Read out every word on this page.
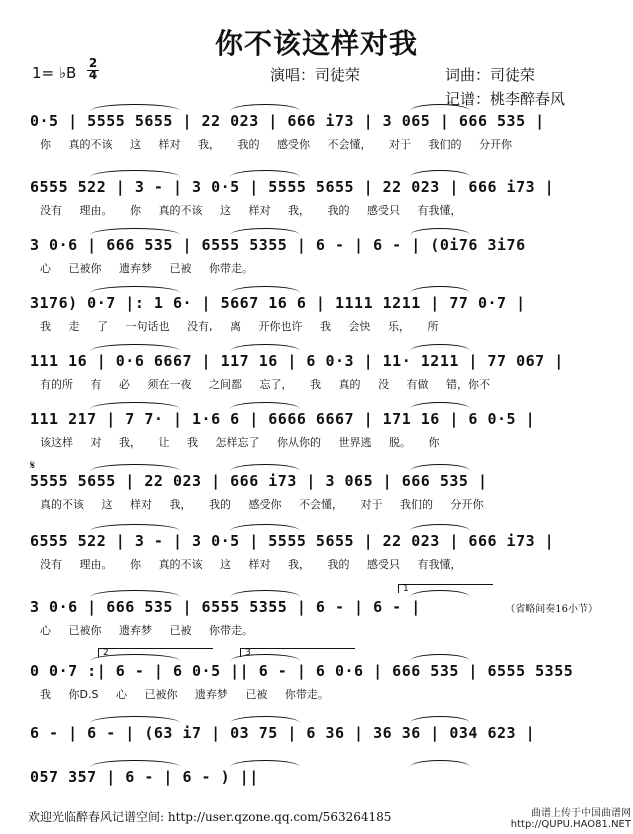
你不该这样对我
1= ♭B
2
4	演唱：司徒荣	词曲：司徒荣
记谱：桃李醉春风
𝄋
0·5 | 5555 5655 | 22 023 | 666 i73 | 3 065 | 666 535 |
你 真的不该 这 样对 我， 我的 感受你 不会懂， 对于 我们的 分开你
6555 522 | 3 - | 3 0·5 | 5555 5655 | 22 023 | 666 i73 |
没有 理由。 你 真的不该 这 样对 我， 我的 感受只 有我懂，
3 0·6 | 666 535 | 6555 5355 | 6 - | 6 - | (0i76 3i76
心 已被你 遗弃梦 已被 你带走。
3176) 0·7 |: 1 6· | 5667 16 6 | 1111 1211 | 77 0·7 |
我 走 了 一句话也 没有, 离 开你也许 我 会快 乐， 所
111 16 | 0·6 6667 | 117 16 | 6 0·3 | 11· 1211 | 77 067 |
有的所 有 必 须在一夜 之间都 忘了， 我 真的 没 有做 错，你不
111 217 | 7 7· | 1·6 6 | 6666 6667 | 171 16 | 6 0·5 |
该这样 对 我， 让 我 怎样忘了 你从你的 世界逃 脱。 你
5555 5655 | 22 023 | 666 i73 | 3 065 | 666 535 |
真的不该 这 样对 我， 我的 感受你 不会懂， 对于 我们的 分开你
6555 522 | 3 - | 3 0·5 | 5555 5655 | 22 023 | 666 i73 |
没有 理由。 你 真的不该 这 样对 我， 我的 感受只 有我懂，
3 0·6 | 666 535 | 6555 5355 | 6 - | 6 - |
心 已被你 遗弃梦 已被 你带走。
（省略间奏16小节）
0 0·7 :| 6 - | 6 0·5 || 6 - | 6 0·6 | 666 535 | 6555 5355
我 你D.S 心 已被你 遗弃梦 已被 你带走。
6 - | 6 - | (63 i7 | 03 75 | 6 36 | 36 36 | 034 623 |
057 357 | 6 - | 6 - ) ||
欢迎光临醉春风记谱空间: http://user.qzone.qq.com/563264185	曲谱上传于中国曲谱网
http://QUPU.HAO81.NET
1
2	3
